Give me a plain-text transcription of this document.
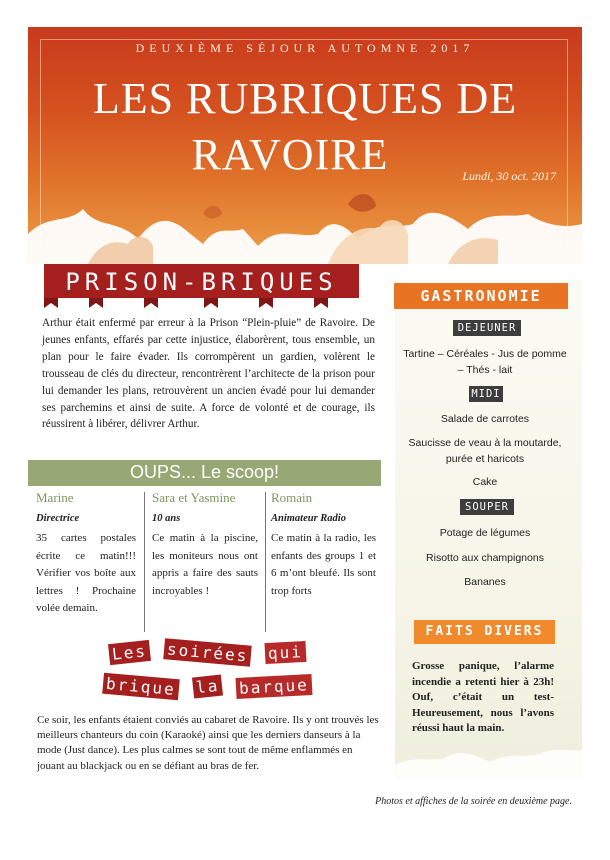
DEUXIÈME SÉJOUR AUTOMNE 2017
LES RUBRIQUES DE
RAVOIRE	Lundi, 30 oct. 2017
PRISON-BRIQUES
Arthur était enfermé par erreur à la Prison “Plein-pluie” de Ravoire. De jeunes enfants, effarés par cette injustice, élaborèrent, tous ensemble, un plan pour le faire évader. Ils corrompèrent un gardien, volèrent le trousseau de clés du directeur, rencontrèrent l’architecte de la prison pour lui demander les plans, retrouvèrent un ancien évadé pour lui demander ses parchemins et ainsi de suite. A force de volonté et de courage, ils réussirent à libérer, délivrer Arthur.
OUPS... Le scoop!
Marine
Directrice
35 cartes postales écrite ce matin!!! Vérifier vos boîte aux lettres ! Prochaine volée demain.
Sara et Yasmine
10 ans
Ce matin à la piscine, les moniteurs nous ont appris a faire des sauts incroyables !
Romain
Animateur Radio
Ce matin à la radio, les enfants des groups 1 et 6 m’ont bleufé. Ils sont trop forts
Les soirées qui
brique la barque
Ce soir, les enfants étaient conviés au cabaret de Ravoire. Ils y ont trouvés les meilleurs chanteurs du coin (Karaoké) ainsi que les derniers danseurs à la mode (Just dance). Les plus calmes se sont tout de même enflammés en jouant au blackjack ou en se défiant au bras de fer.
Photos et affiches de la soirée en deuxième page.
GASTRONOMIE
DEJEUNER
Tartine – Céréales - Jus de pomme – Thés - lait
MIDI
Salade de carrotes
Saucisse de veau à la moutarde, purée et haricots
Cake
SOUPER
Potage de légumes
Risotto aux champignons
Bananes
FAITS DIVERS
Grosse panique, l’alarme incendie a retenti hier à 23h! Ouf, c’était un test- Heureusement, nous l’avons réussi haut la main.
